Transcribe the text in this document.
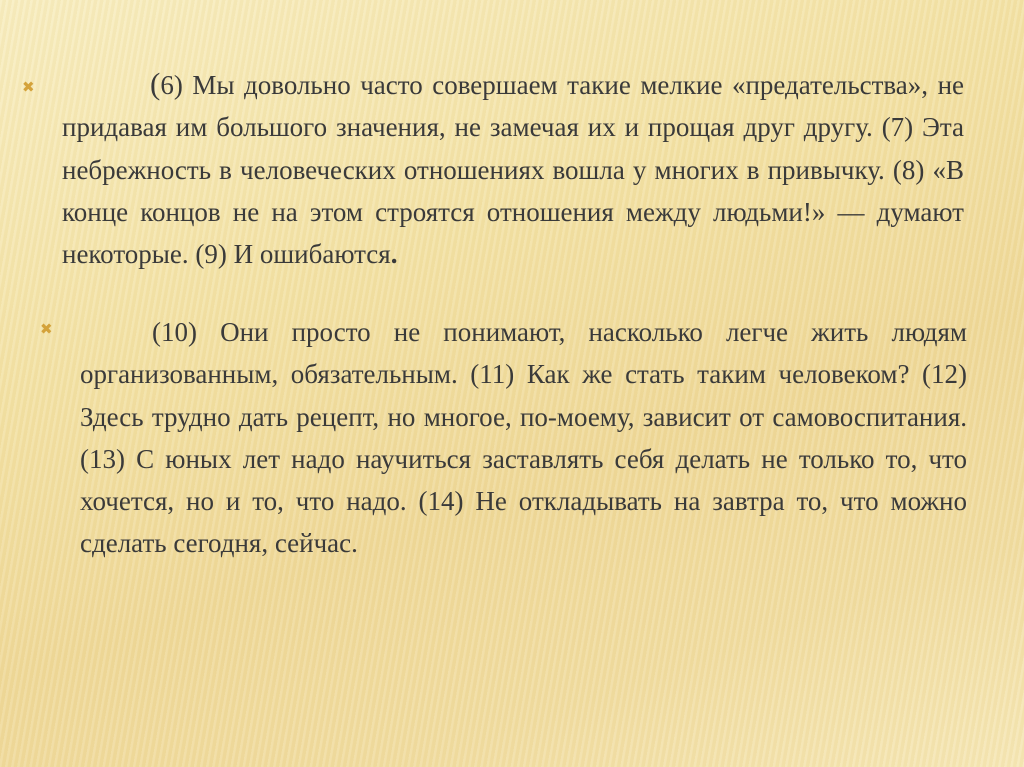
✖	(6) Мы довольно часто совершаем такие мелкие «предательства», не придавая им большого значения, не замечая их и прощая друг другу. (7) Эта небрежность в человеческих отношениях вошла у многих в привычку. (8) «В конце концов не на этом строятся отношения между людьми!» — думают некоторые. (9) И ошибаются.
✖	(10) Они просто не понимают, насколько легче жить людям организованным, обязательным. (11) Как же стать таким человеком? (12) Здесь трудно дать рецепт, но многое, по-моему, зависит от самовоспитания. (13) С юных лет надо научиться заставлять себя делать не только то, что хочется, но и то, что надо. (14) Не откладывать на завтра то, что можно сделать сегодня, сейчас.
